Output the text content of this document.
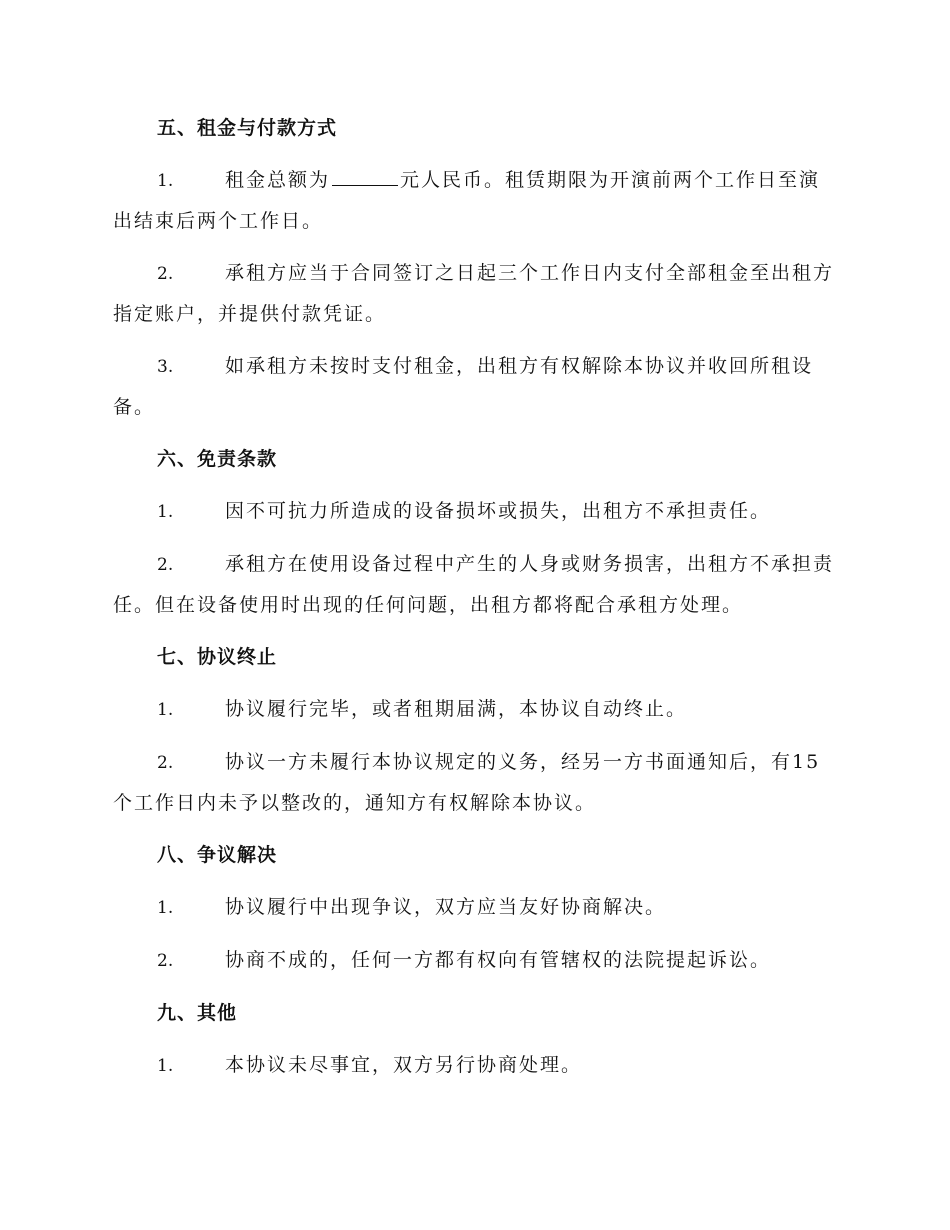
五、租金与付款方式

1.	租金总额为	元人民币。租赁期限为开演前两个工作日至演出结束后两个工作日。

2.	承租方应当于合同签订之日起三个工作日内支付全部租金至出租方指定账户，并提供付款凭证。

3.	如承租方未按时支付租金，出租方有权解除本协议并收回所租设备。

六、免责条款

1.	因不可抗力所造成的设备损坏或损失，出租方不承担责任。

2.	承租方在使用设备过程中产生的人身或财务损害，出租方不承担责任。但在设备使用时出现的任何问题，出租方都将配合承租方处理。

七、协议终止

1.	协议履行完毕，或者租期届满，本协议自动终止。

2.	协议一方未履行本协议规定的义务，经另一方书面通知后，有15个工作日内未予以整改的，通知方有权解除本协议。

八、争议解决

1.	协议履行中出现争议，双方应当友好协商解决。

2.	协商不成的，任何一方都有权向有管辖权的法院提起诉讼。

九、其他

1.	本协议未尽事宜，双方另行协商处理。
